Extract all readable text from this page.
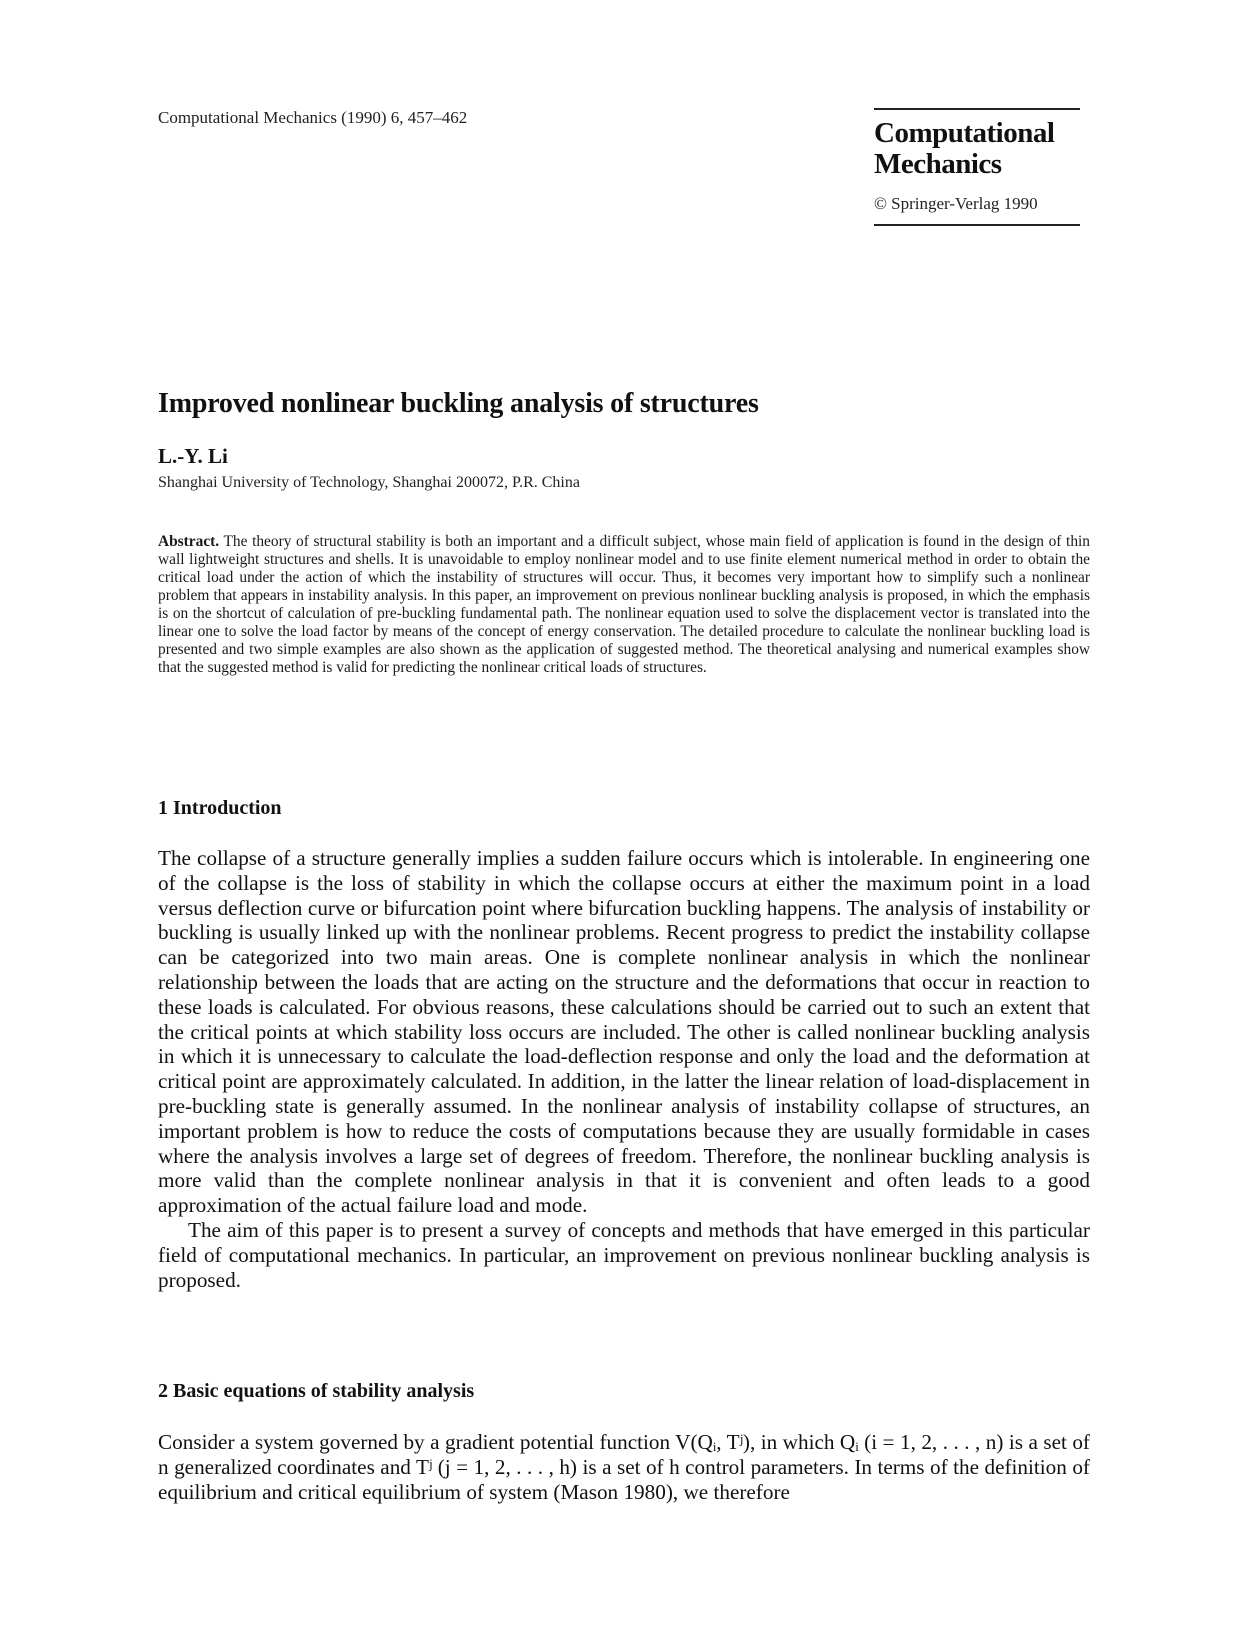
Computational Mechanics (1990) 6, 457–462	Computational
Mechanics
© Springer-Verlag 1990
Improved nonlinear buckling analysis of structures
L.-Y. Li
Shanghai University of Technology, Shanghai 200072, P.R. China
Abstract. The theory of structural stability is both an important and a difficult subject, whose main field of application is found in the design of thin wall lightweight structures and shells. It is unavoidable to employ nonlinear model and to use finite element numerical method in order to obtain the critical load under the action of which the instability of structures will occur. Thus, it becomes very important how to simplify such a nonlinear problem that appears in instability analysis. In this paper, an improvement on previous nonlinear buckling analysis is proposed, in which the emphasis is on the shortcut of calculation of pre-buckling fundamental path. The nonlinear equation used to solve the displacement vector is translated into the linear one to solve the load factor by means of the concept of energy conservation. The detailed procedure to calculate the nonlinear buckling load is presented and two simple examples are also shown as the application of suggested method. The theoretical analysing and numerical examples show that the suggested method is valid for predicting the nonlinear critical loads of structures.
1 Introduction

The collapse of a structure generally implies a sudden failure occurs which is intolerable. In engineering one of the collapse is the loss of stability in which the collapse occurs at either the maximum point in a load versus deflection curve or bifurcation point where bifurcation buckling happens. The analysis of instability or buckling is usually linked up with the nonlinear problems. Recent progress to predict the instability collapse can be categorized into two main areas. One is complete nonlinear analysis in which the nonlinear relationship between the loads that are acting on the structure and the deformations that occur in reaction to these loads is calculated. For obvious reasons, these calculations should be carried out to such an extent that the critical points at which stability loss occurs are included. The other is called nonlinear buckling analysis in which it is unnecessary to calculate the load-deflection response and only the load and the deformation at critical point are approximately calculated. In addition, in the latter the linear relation of load-displacement in pre-buckling state is generally assumed. In the nonlinear analysis of instability collapse of structures, an important problem is how to reduce the costs of computations because they are usually formidable in cases where the analysis involves a large set of degrees of freedom. Therefore, the nonlinear buckling analysis is more valid than the complete nonlinear analysis in that it is convenient and often leads to a good approximation of the actual failure load and mode.

The aim of this paper is to present a survey of concepts and methods that have emerged in this particular field of computational mechanics. In particular, an improvement on previous nonlinear buckling analysis is proposed.

2 Basic equations of stability analysis

Consider a system governed by a gradient potential function V(Qᵢ, Tʲ), in which Qᵢ (i = 1, 2, . . . , n) is a set of n generalized coordinates and Tʲ (j = 1, 2, . . . , h) is a set of h control parameters. In terms of the definition of equilibrium and critical equilibrium of system (Mason 1980), we therefore
